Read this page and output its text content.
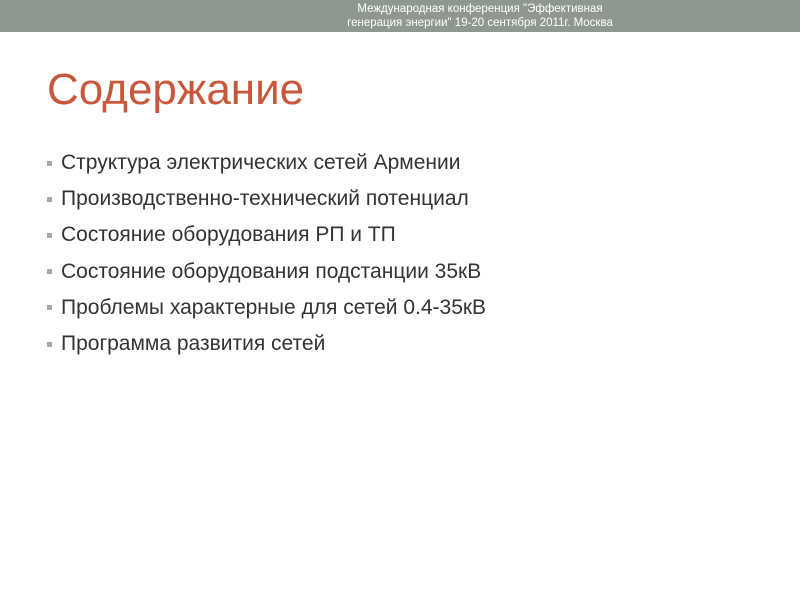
Международная конференция "Эффективная
генерация энергии" 19-20 сентября 2011г. Москва
Содержание
Структура электрических сетей Армении
Производственно-технический потенциал
Состояние оборудования РП и ТП
Состояние оборудования подстанции 35кВ
Проблемы характерные для сетей 0.4-35кВ
Программа развития сетей
